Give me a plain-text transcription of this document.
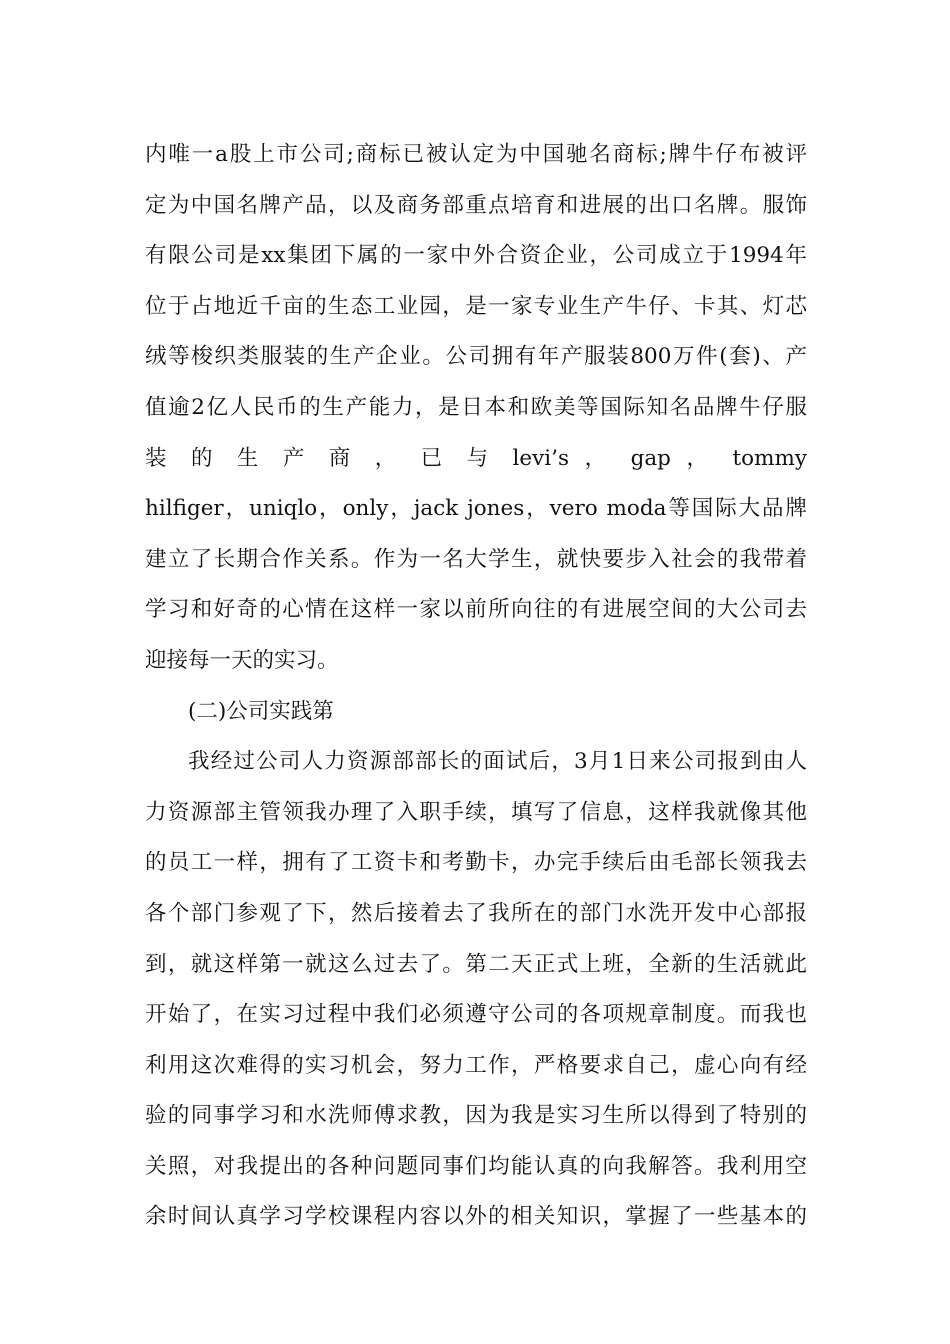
内唯一a股上市公司;商标已被认定为中国驰名商标;牌牛仔布被评
定为中国名牌产品，以及商务部重点培育和进展的出口名牌。服饰
有限公司是xx集团下属的一家中外合资企业，公司成立于1994年
位于占地近千亩的生态工业园，是一家专业生产牛仔、卡其、灯芯
绒等梭织类服装的生产企业。公司拥有年产服装800万件(套)、产
值逾2亿人民币的生产能力，是日本和欧美等国际知名品牌牛仔服
装 的 生 产 商 ， 已 与 levi’s ， gap ， tommy
hilfiger，uniqlo，only，jack jones，vero moda等国际大品牌
建立了长期合作关系。作为一名大学生，就快要步入社会的我带着
学习和好奇的心情在这样一家以前所向往的有进展空间的大公司去
迎接每一天的实习。
(二)公司实践第
我经过公司人力资源部部长的面试后，3月1日来公司报到由人
力资源部主管领我办理了入职手续，填写了信息，这样我就像其他
的员工一样，拥有了工资卡和考勤卡，办完手续后由毛部长领我去
各个部门参观了下，然后接着去了我所在的部门水洗开发中心部报
到，就这样第一就这么过去了。第二天正式上班，全新的生活就此
开始了，在实习过程中我们必须遵守公司的各项规章制度。而我也
利用这次难得的实习机会，努力工作，严格要求自己，虚心向有经
验的同事学习和水洗师傅求教，因为我是实习生所以得到了特别的
关照，对我提出的各种问题同事们均能认真的向我解答。我利用空
余时间认真学习学校课程内容以外的相关知识，掌握了一些基本的
